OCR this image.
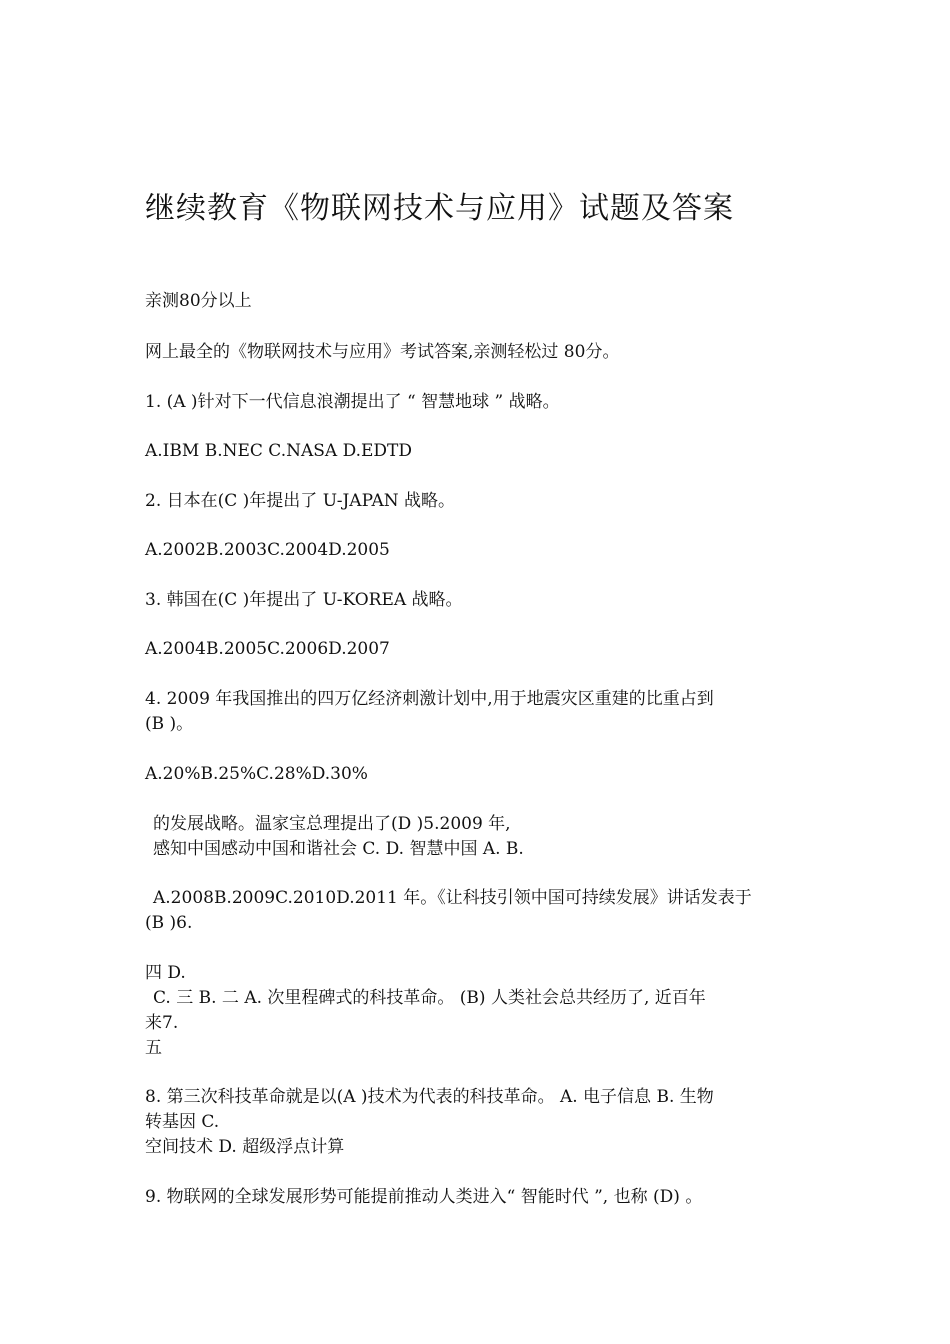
继续教育《物联网技术与应用》试题及答案
亲测80分以上
网上最全的《物联网技术与应用》考试答案,亲测轻松过 80分。
1. (A )针对下一代信息浪潮提出了 “ 智慧地球 ” 战略。
A.IBM B.NEC C.NASA D.EDTD
2. 日本在(C )年提出了 U-JAPAN 战略。
A.2002B.2003C.2004D.2005
3. 韩国在(C )年提出了 U-KOREA 战略。
A.2004B.2005C.2006D.2007
4. 2009 年我国推出的四万亿经济刺激计划中,用于地震灾区重建的比重占到
(B )。
A.20%B.25%C.28%D.30%
的发展战略。温家宝总理提出了(D )5.2009 年,
感知中国感动中国和谐社会 C. D. 智慧中国 A. B.
A.2008B.2009C.2010D.2011 年。《让科技引领中国可持续发展》讲话发表于
(B )6.
四 D.
C. 三 B. 二 A. 次里程碑式的科技革命。 (B) 人类社会总共经历了, 近百年
来7.
五
8. 第三次科技革命就是以(A )技术为代表的科技革命。 A. 电子信息 B. 生物
转基因 C.
空间技术 D. 超级浮点计算
9. 物联网的全球发展形势可能提前推动人类进入“ 智能时代 ”, 也称 (D) 。
